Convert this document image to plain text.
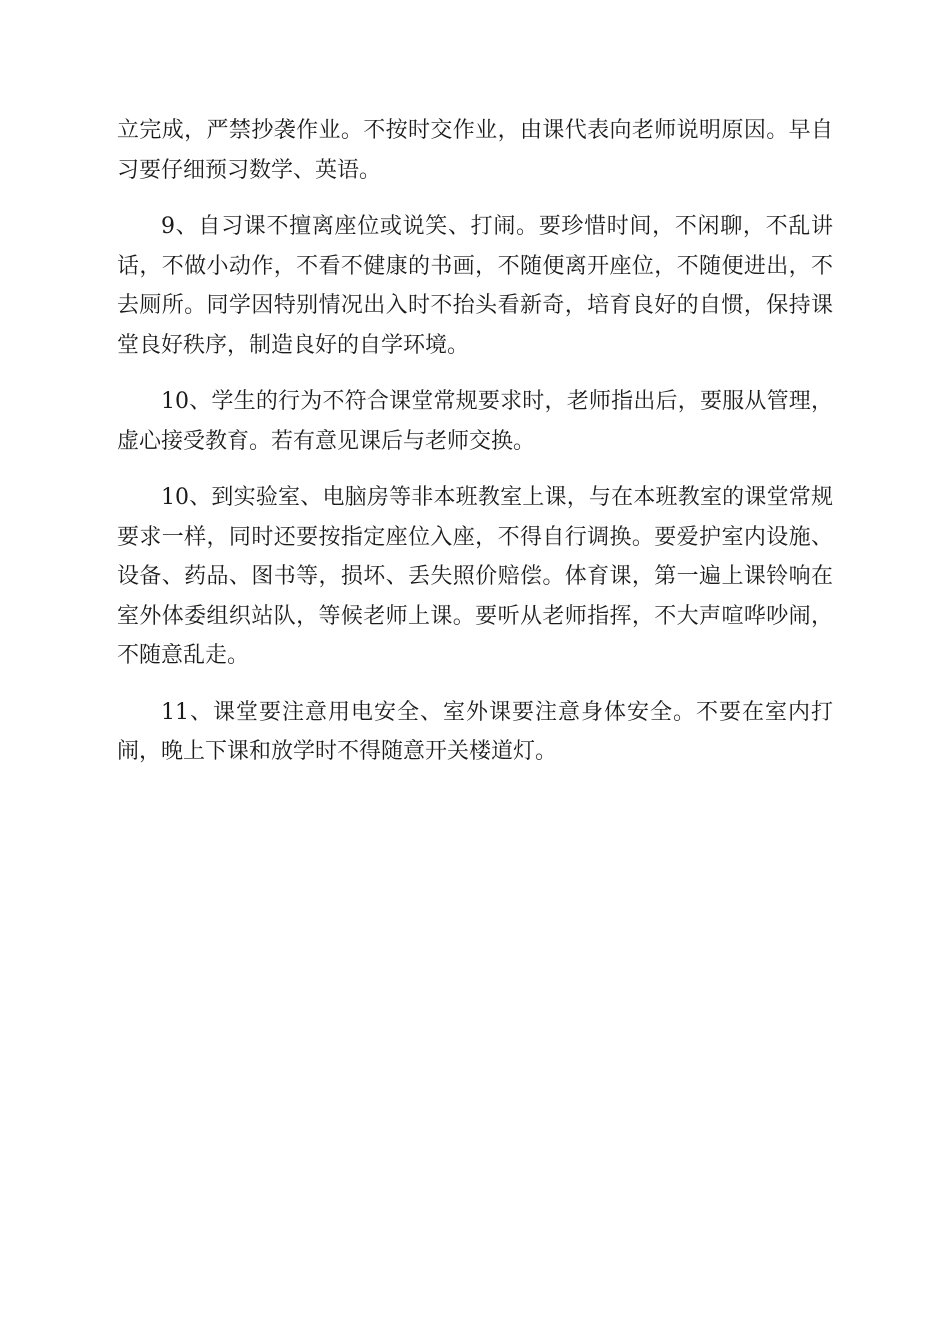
立完成，严禁抄袭作业。不按时交作业，由课代表向老师说明原因。早自习要仔细预习数学、英语。

9、自习课不擅离座位或说笑、打闹。要珍惜时间，不闲聊，不乱讲话，不做小动作，不看不健康的书画，不随便离开座位，不随便进出，不去厕所。同学因特别情况出入时不抬头看新奇，培育良好的自惯，保持课堂良好秩序，制造良好的自学环境。

10、学生的行为不符合课堂常规要求时，老师指出后，要服从管理，虚心接受教育。若有意见课后与老师交换。

10、到实验室、电脑房等非本班教室上课，与在本班教室的课堂常规要求一样，同时还要按指定座位入座，不得自行调换。要爱护室内设施、设备、药品、图书等，损坏、丢失照价赔偿。体育课，第一遍上课铃响在室外体委组织站队，等候老师上课。要听从老师指挥，不大声喧哗吵闹，不随意乱走。

11、课堂要注意用电安全、室外课要注意身体安全。不要在室内打闹，晚上下课和放学时不得随意开关楼道灯。
